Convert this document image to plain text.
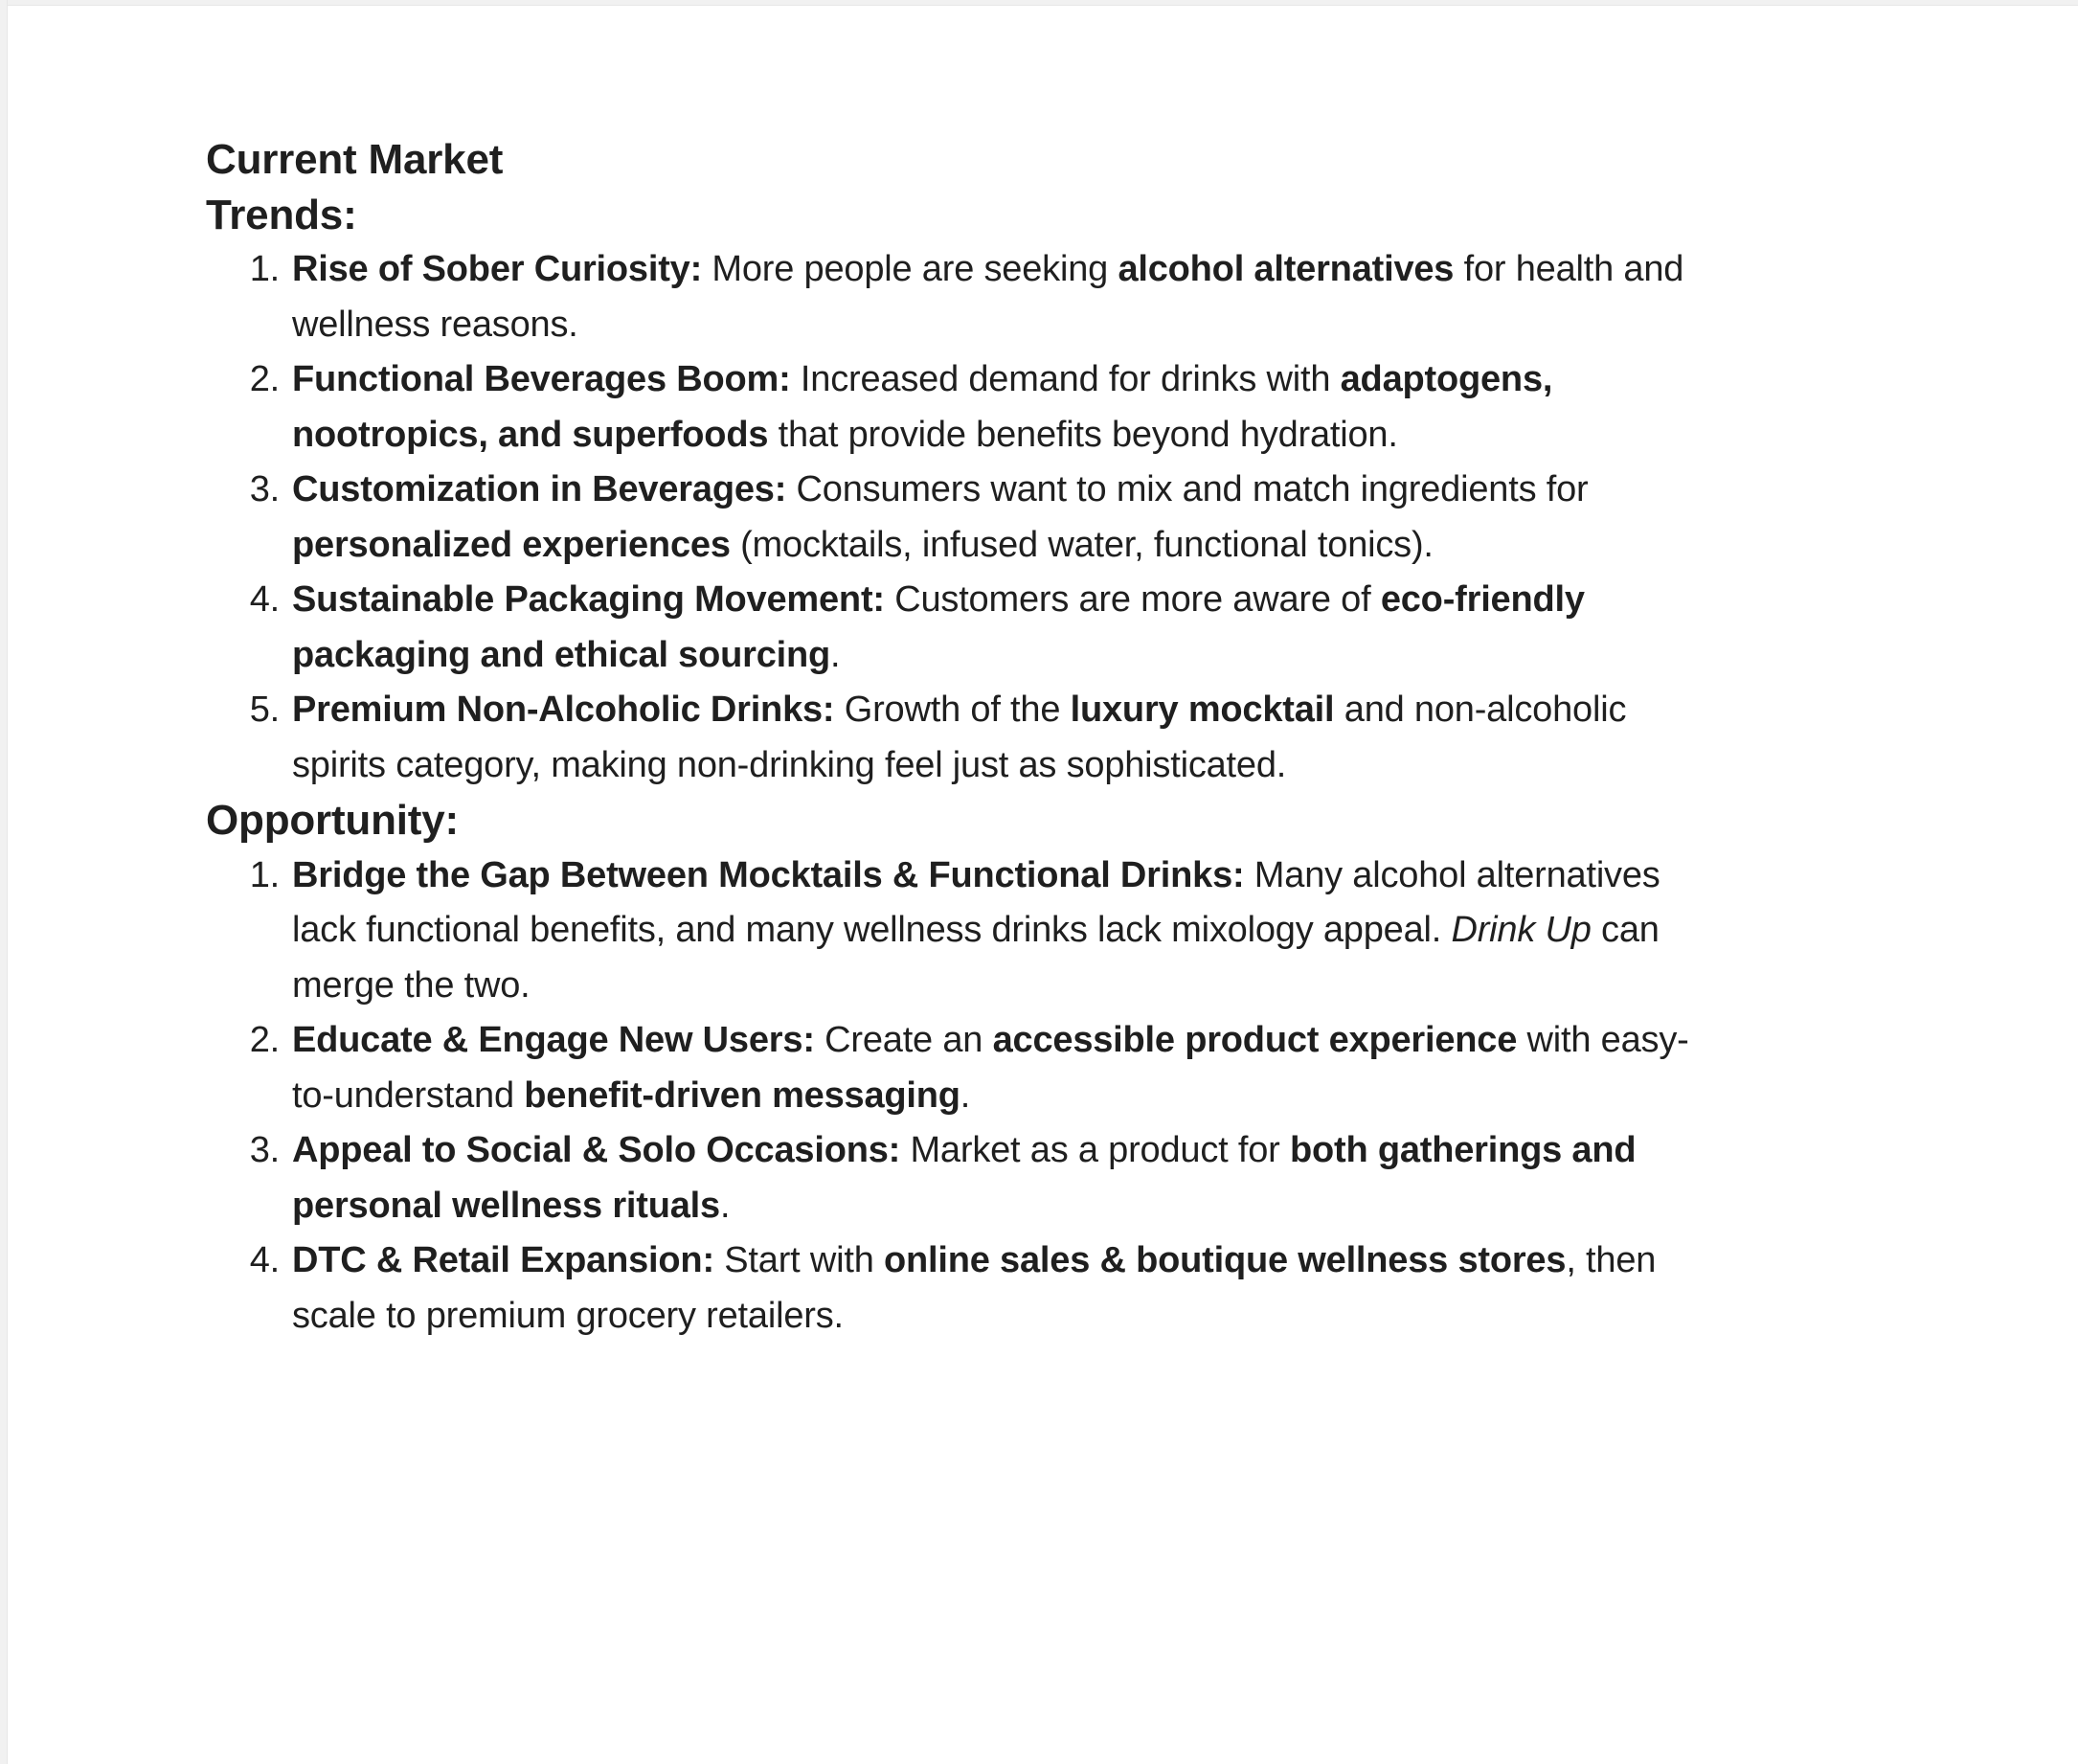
Current Market
Trends:
1. Rise of Sober Curiosity: More people are seeking alcohol alternatives for health and
wellness reasons.
2. Functional Beverages Boom: Increased demand for drinks with adaptogens,
nootropics, and superfoods that provide benefits beyond hydration.
3. Customization in Beverages: Consumers want to mix and match ingredients for
personalized experiences (mocktails, infused water, functional tonics).
4. Sustainable Packaging Movement: Customers are more aware of eco-friendly
packaging and ethical sourcing.
5. Premium Non-Alcoholic Drinks: Growth of the luxury mocktail and non-alcoholic
spirits category, making non-drinking feel just as sophisticated.
Opportunity:
1. Bridge the Gap Between Mocktails & Functional Drinks: Many alcohol alternatives
lack functional benefits, and many wellness drinks lack mixology appeal. Drink Up can
merge the two.
2. Educate & Engage New Users: Create an accessible product experience with easy-
to-understand benefit-driven messaging.
3. Appeal to Social & Solo Occasions: Market as a product for both gatherings and
personal wellness rituals.
4. DTC & Retail Expansion: Start with online sales & boutique wellness stores, then
scale to premium grocery retailers.
